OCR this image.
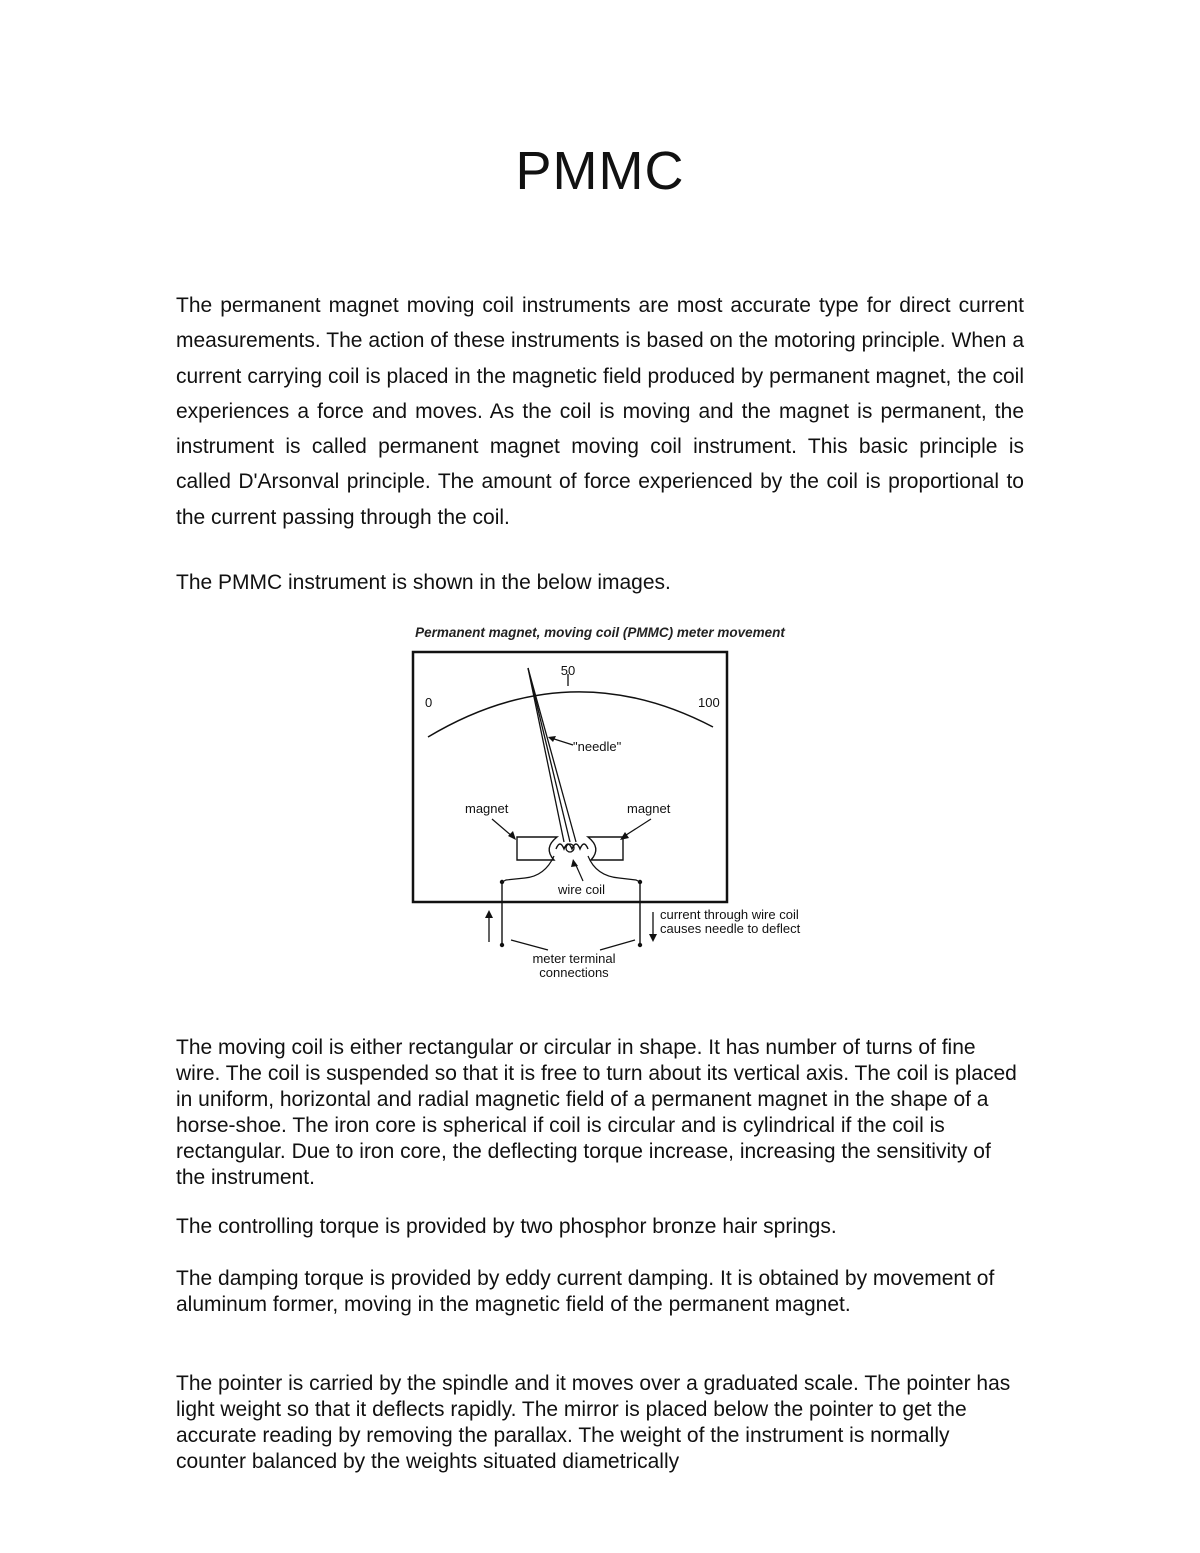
PMMC

The permanent magnet moving coil instruments are most accurate type for direct current measurements. The action of these instruments is based on the motoring principle. When a current carrying coil is placed in the magnetic field produced by permanent magnet, the coil experiences a force and moves. As the coil is moving and the magnet is permanent, the instrument is called permanent magnet moving coil instrument. This basic principle is called D'Arsonval principle. The amount of force experienced by the coil is proportional to the current passing through the coil.

The PMMC instrument is shown in the below images.

Permanent magnet, moving coil (PMMC) meter movement
0
50
100
"needle"
magnet	magnet
wire coil
current through wire coil
causes needle to deflect
meter terminal
connections

The moving coil is either rectangular or circular in shape. It has number of turns of fine wire. The coil is suspended so that it is free to turn about its vertical axis. The coil is placed in uniform, horizontal and radial magnetic field of a permanent magnet in the shape of a horse-shoe. The iron core is spherical if coil is circular and is cylindrical if the coil is rectangular. Due to iron core, the deflecting torque increase, increasing the sensitivity of the instrument.

The controlling torque is provided by two phosphor bronze hair springs.

The damping torque is provided by eddy current damping. It is obtained by movement of aluminum former, moving in the magnetic field of the permanent magnet.

The pointer is carried by the spindle and it moves over a graduated scale. The pointer has light weight so that it deflects rapidly. The mirror is placed below the pointer to get the accurate reading by removing the parallax. The weight of the instrument is normally counter balanced by the weights situated diametrically
